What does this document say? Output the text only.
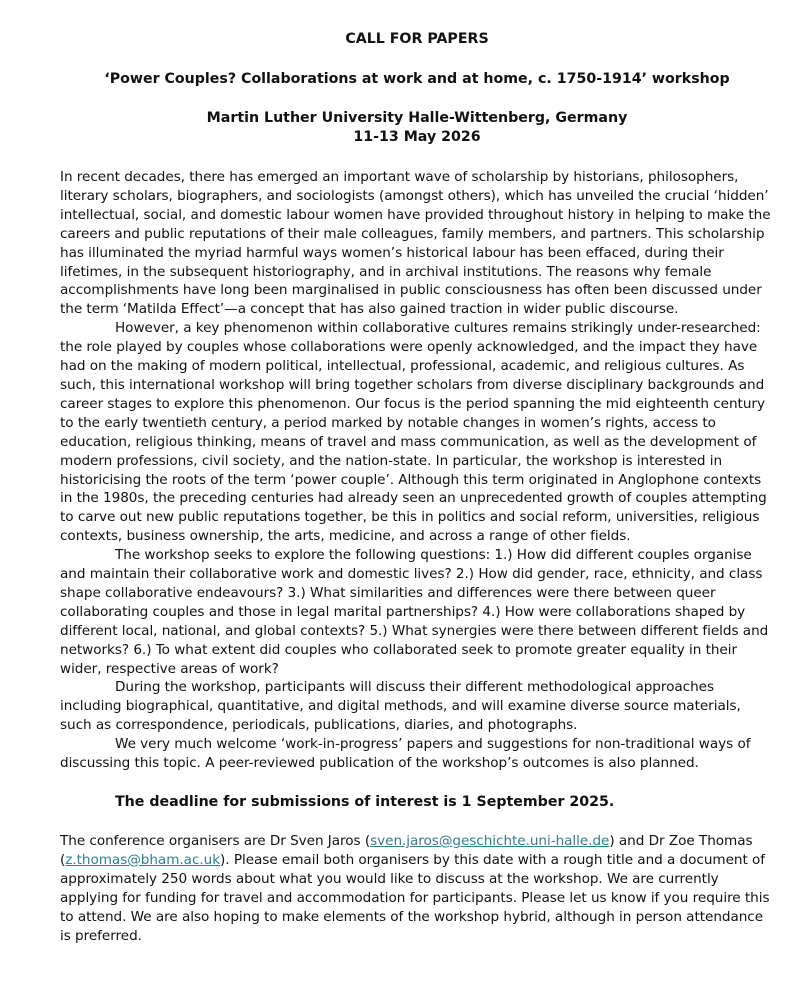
CALL FOR PAPERS
‘Power Couples? Collaborations at work and at home, c. 1750-1914’ workshop
Martin Luther University Halle-Wittenberg, Germany
11-13 May 2026

In recent decades, there has emerged an important wave of scholarship by historians, philosophers, literary scholars, biographers, and sociologists (amongst others), which has unveiled the crucial ‘hidden’ intellectual, social, and domestic labour women have provided throughout history in helping to make the careers and public reputations of their male colleagues, family members, and partners. This scholarship has illuminated the myriad harmful ways women’s historical labour has been effaced, during their lifetimes, in the subsequent historiography, and in archival institutions. The reasons why female accomplishments have long been marginalised in public consciousness has often been discussed under the term ‘Matilda Effect’—a concept that has also gained traction in wider public discourse.

However, a key phenomenon within collaborative cultures remains strikingly under-researched: the role played by couples whose collaborations were openly acknowledged, and the impact they have had on the making of modern political, intellectual, professional, academic, and religious cultures. As such, this international workshop will bring together scholars from diverse disciplinary backgrounds and career stages to explore this phenomenon. Our focus is the period spanning the mid eighteenth century to the early twentieth century, a period marked by notable changes in women’s rights, access to education, religious thinking, means of travel and mass communication, as well as the development of modern professions, civil society, and the nation-state. In particular, the workshop is interested in historicising the roots of the term ‘power couple’. Although this term originated in Anglophone contexts in the 1980s, the preceding centuries had already seen an unprecedented growth of couples attempting to carve out new public reputations together, be this in politics and social reform, universities, religious contexts, business ownership, the arts, medicine, and across a range of other fields.

The workshop seeks to explore the following questions: 1.) How did different couples organise and maintain their collaborative work and domestic lives? 2.) How did gender, race, ethnicity, and class shape collaborative endeavours? 3.) What similarities and differences were there between queer collaborating couples and those in legal marital partnerships? 4.) How were collaborations shaped by different local, national, and global contexts? 5.) What synergies were there between different fields and networks? 6.) To what extent did couples who collaborated seek to promote greater equality in their wider, respective areas of work?

During the workshop, participants will discuss their different methodological approaches including biographical, quantitative, and digital methods, and will examine diverse source materials, such as correspondence, periodicals, publications, diaries, and photographs.

We very much welcome ‘work-in-progress’ papers and suggestions for non-traditional ways of discussing this topic. A peer-reviewed publication of the workshop’s outcomes is also planned.

The deadline for submissions of interest is 1 September 2025.
The conference organisers are Dr Sven Jaros (sven.jaros@geschichte.uni-halle.de) and Dr Zoe Thomas (z.thomas@bham.ac.uk). Please email both organisers by this date with a rough title and a document of approximately 250 words about what you would like to discuss at the workshop. We are currently applying for funding for travel and accommodation for participants. Please let us know if you require this to attend. We are also hoping to make elements of the workshop hybrid, although in person attendance is preferred.
